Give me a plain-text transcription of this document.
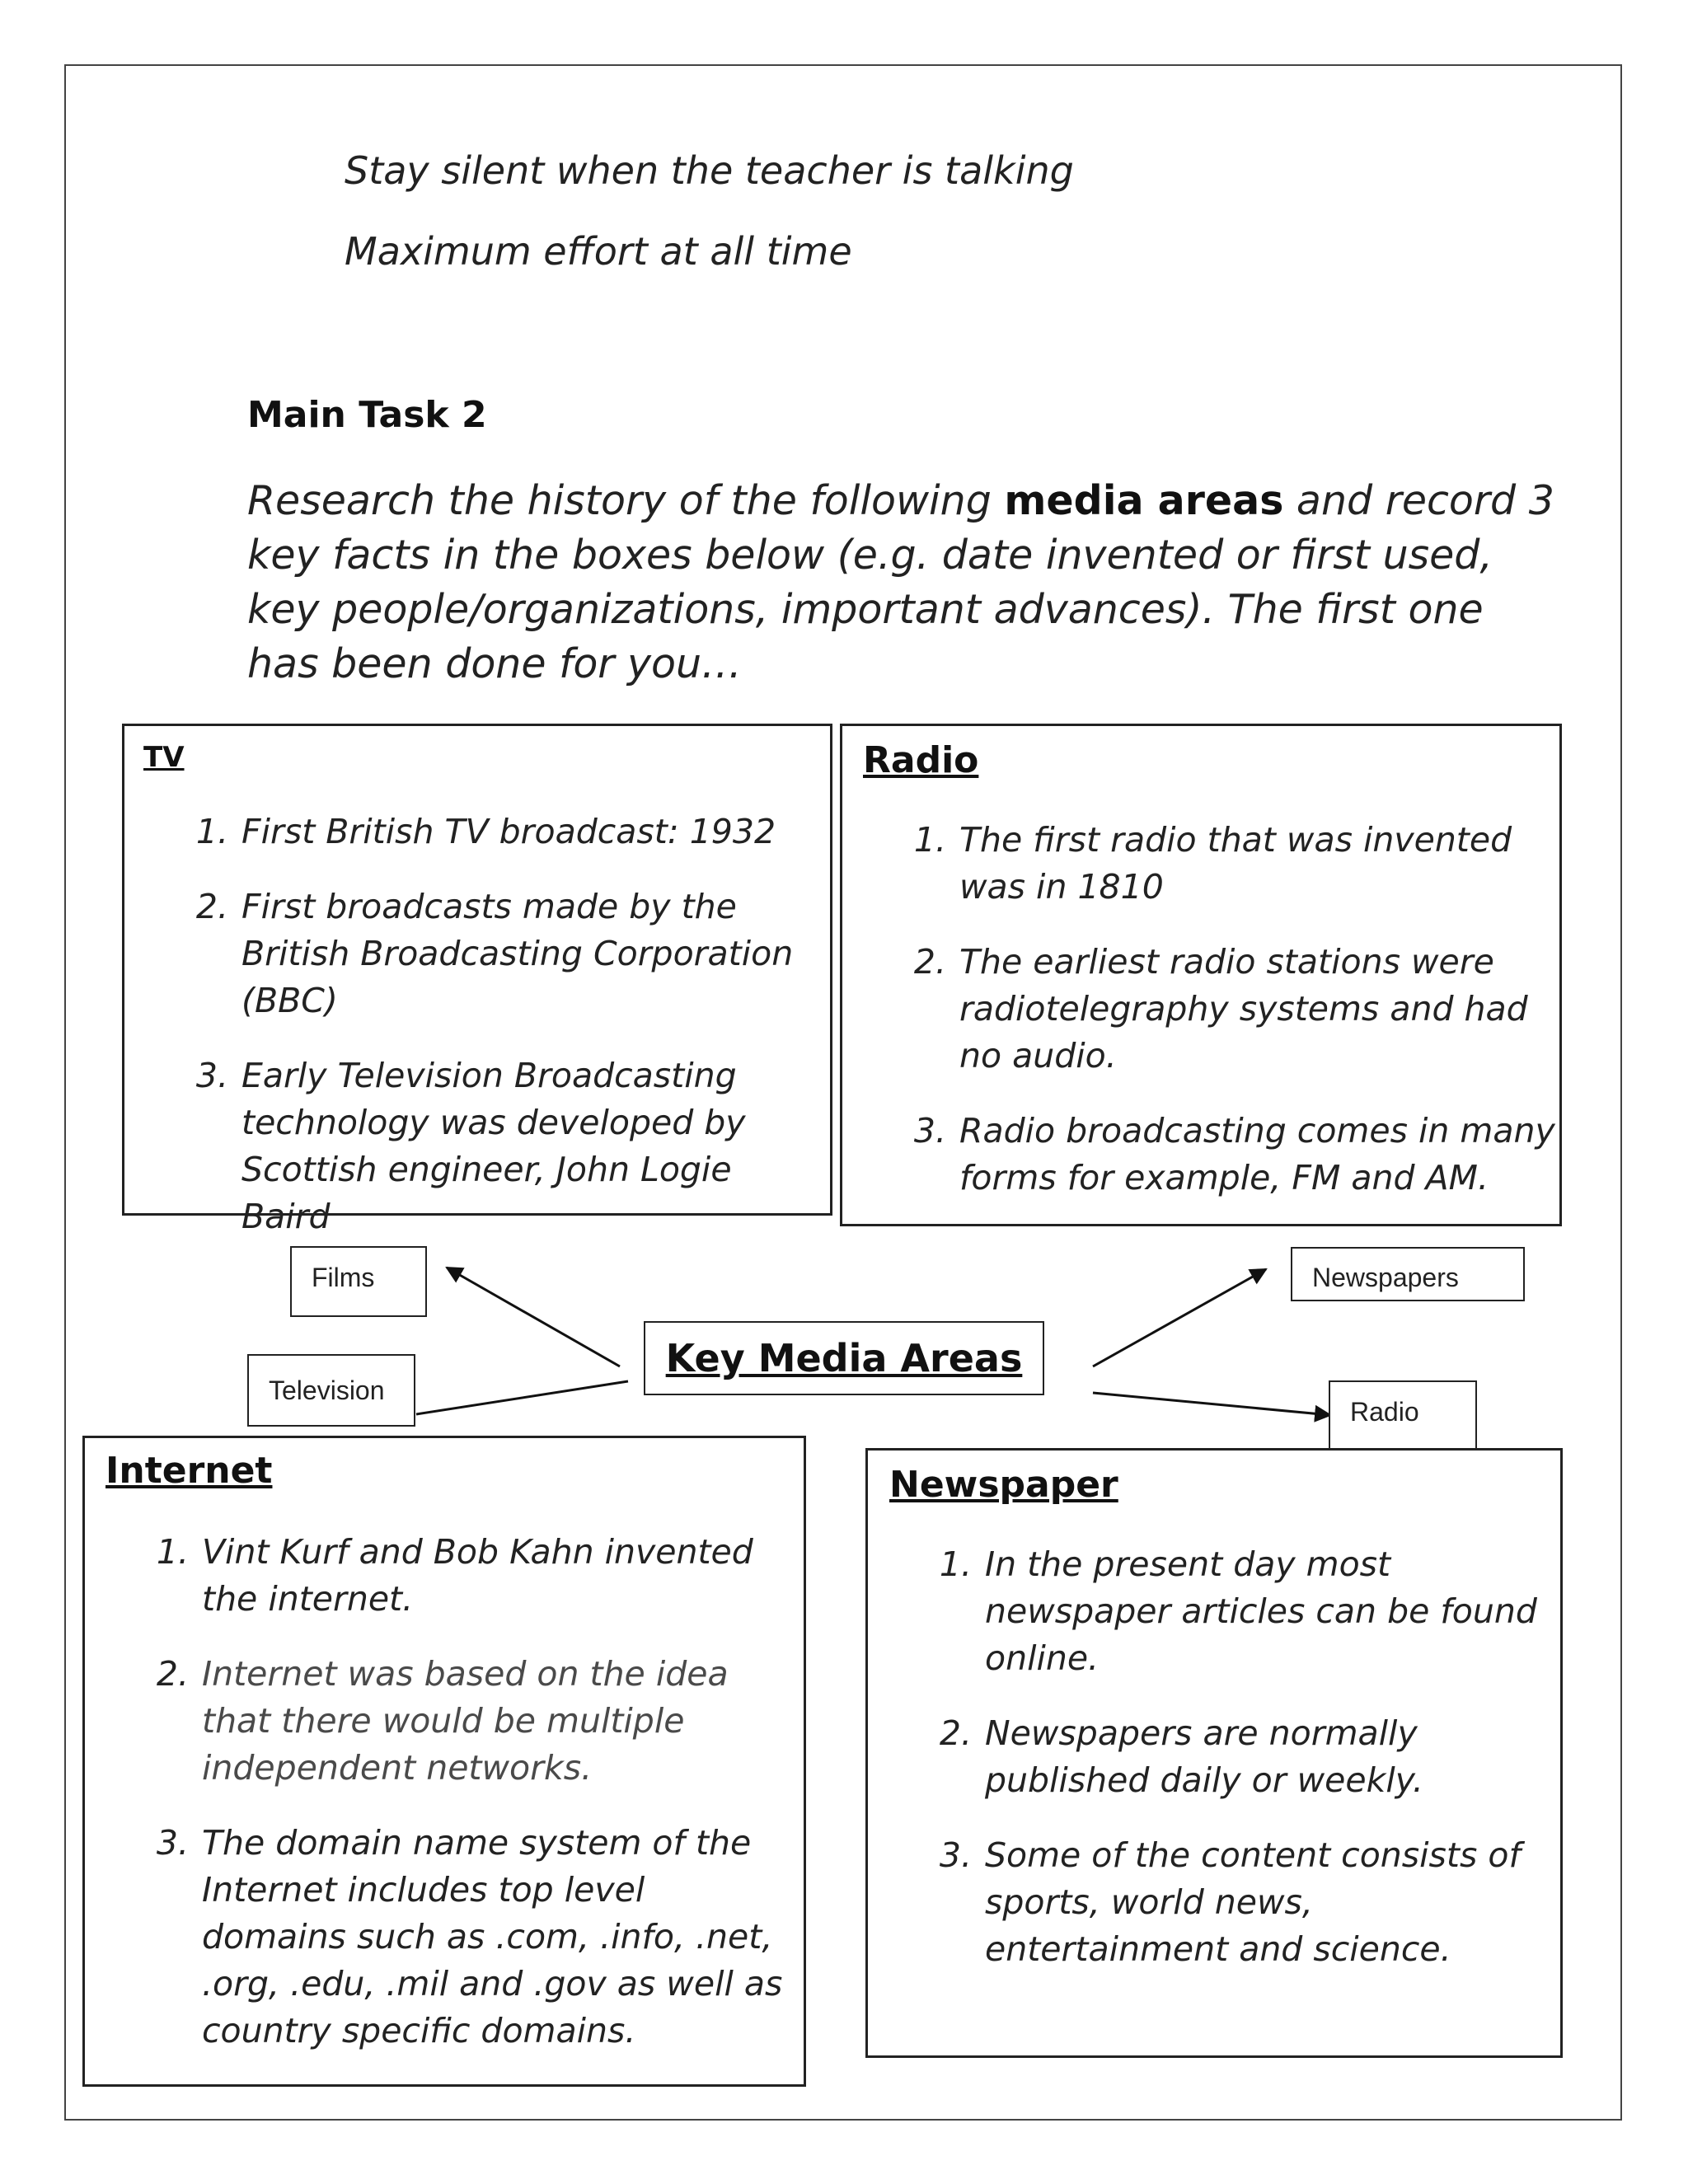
Stay silent when the teacher is talking
Maximum effort at all time
Main Task 2
Research the history of the following media areas and record 3 key facts in the boxes below (e.g. date invented or first used, key people/organizations, important advances). The first one has been done for you…
TV
1. First British TV broadcast: 1932
2. First broadcasts made by the British Broadcasting Corporation (BBC)
3. Early Television Broadcasting technology was developed by Scottish engineer, John Logie Baird
Radio
1. The first radio that was invented was in 1810
2. The earliest radio stations were radiotelegraphy systems and had no audio.
3. Radio broadcasting comes in many forms for example, FM and AM.
Films
Television
Newspapers
Radio
Key Media Areas
Internet
1. Vint Kurf and Bob Kahn invented the internet.
2. Internet was based on the idea that there would be multiple independent networks.
3. The domain name system of the Internet includes top level domains such as .com, .info, .net, .org, .edu, .mil and .gov as well as country specific domains.
Newspaper
1. In the present day most newspaper articles can be found online.
2. Newspapers are normally published daily or weekly.
3. Some of the content consists of sports, world news, entertainment and science.
